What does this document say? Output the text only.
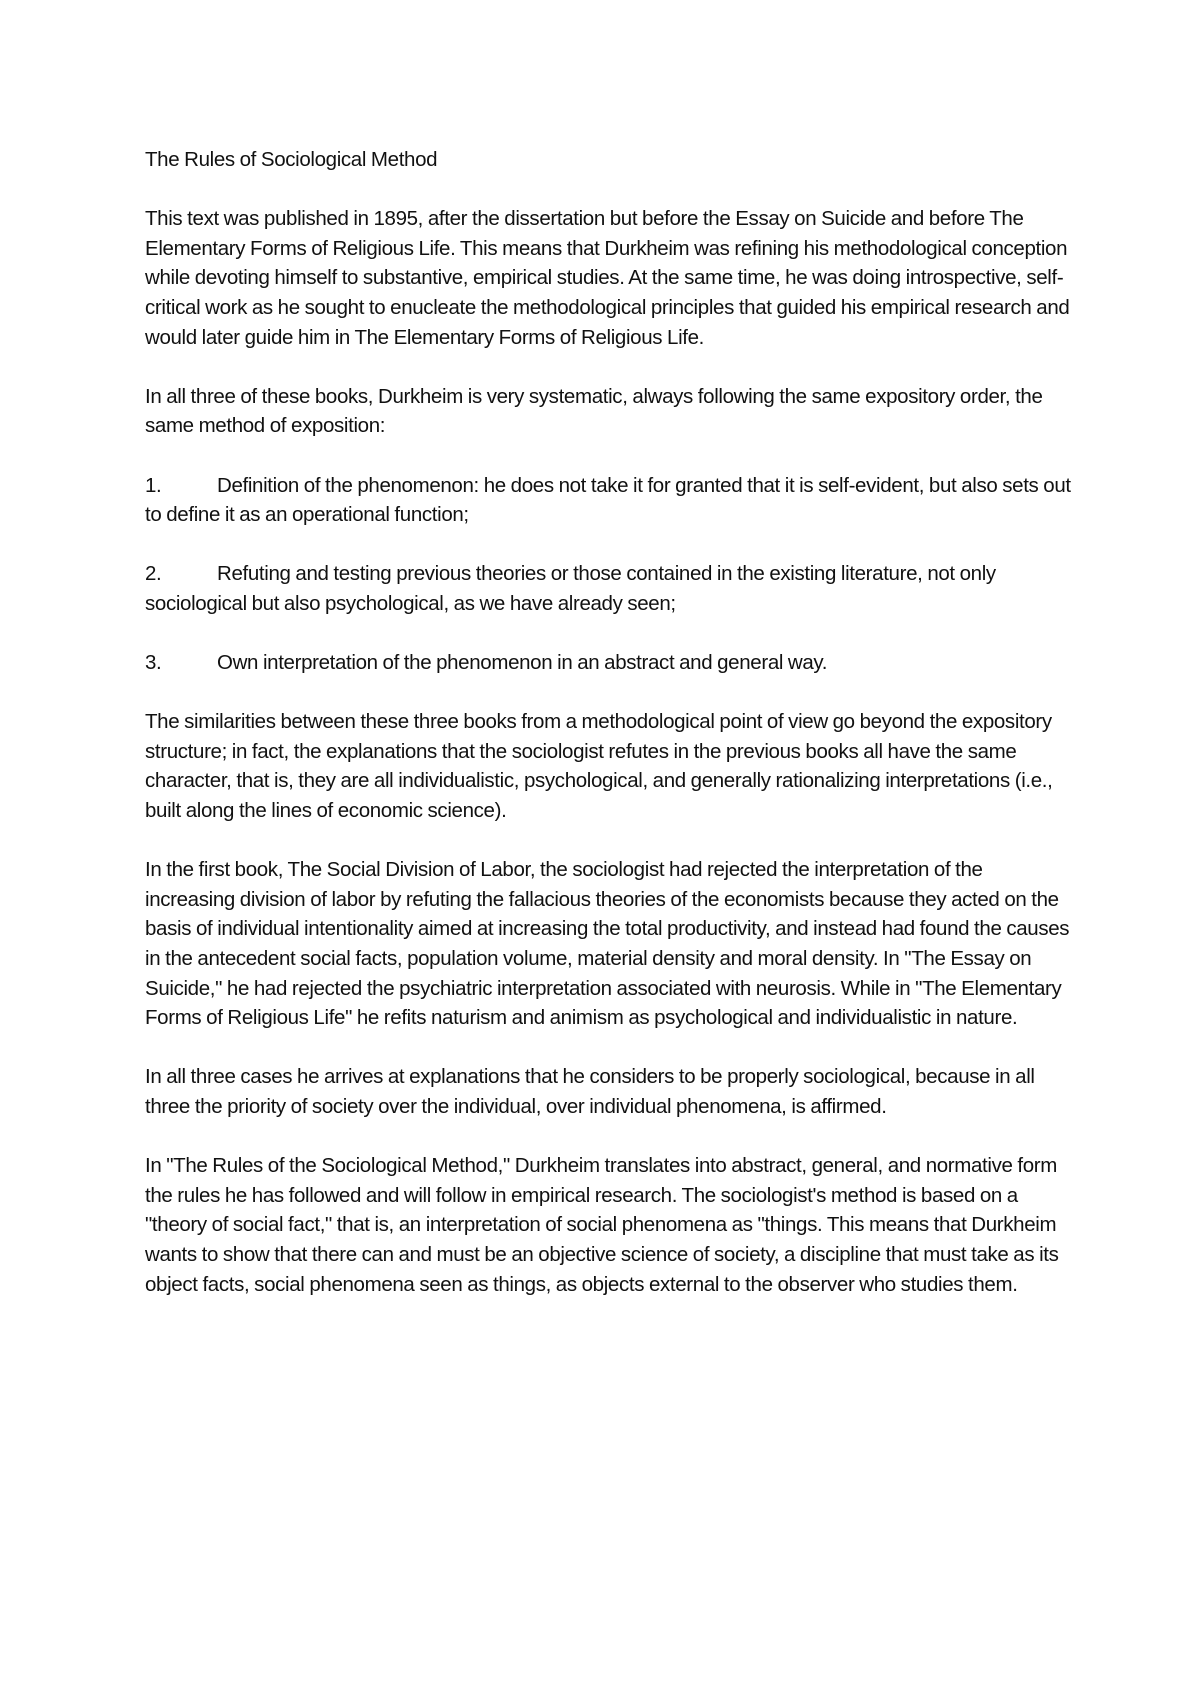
The Rules of Sociological Method

This text was published in 1895, after the dissertation but before the Essay on Suicide and before The Elementary Forms of Religious Life. This means that Durkheim was refining his methodological conception while devoting himself to substantive, empirical studies. At the same time, he was doing introspective, self-critical work as he sought to enucleate the methodological principles that guided his empirical research and would later guide him in The Elementary Forms of Religious Life.

In all three of these books, Durkheim is very systematic, always following the same expository order, the same method of exposition:

1.	Definition of the phenomenon: he does not take it for granted that it is self-evident, but also sets out to define it as an operational function;
2.	Refuting and testing previous theories or those contained in the existing literature, not only sociological but also psychological, as we have already seen;
3.	Own interpretation of the phenomenon in an abstract and general way.

The similarities between these three books from a methodological point of view go beyond the expository structure; in fact, the explanations that the sociologist refutes in the previous books all have the same character, that is, they are all individualistic, psychological, and generally rationalizing interpretations (i.e., built along the lines of economic science).

In the first book, The Social Division of Labor, the sociologist had rejected the interpretation of the increasing division of labor by refuting the fallacious theories of the economists because they acted on the basis of individual intentionality aimed at increasing the total productivity, and instead had found the causes in the antecedent social facts, population volume, material density and moral density. In "The Essay on Suicide," he had rejected the psychiatric interpretation associated with neurosis. While in "The Elementary Forms of Religious Life" he refits naturism and animism as psychological and individualistic in nature.

In all three cases he arrives at explanations that he considers to be properly sociological, because in all three the priority of society over the individual, over individual phenomena, is affirmed.

In "The Rules of the Sociological Method," Durkheim translates into abstract, general, and normative form the rules he has followed and will follow in empirical research. The sociologist's method is based on a "theory of social fact," that is, an interpretation of social phenomena as "things. This means that Durkheim wants to show that there can and must be an objective science of society, a discipline that must take as its object facts, social phenomena seen as things, as objects external to the observer who studies them.
